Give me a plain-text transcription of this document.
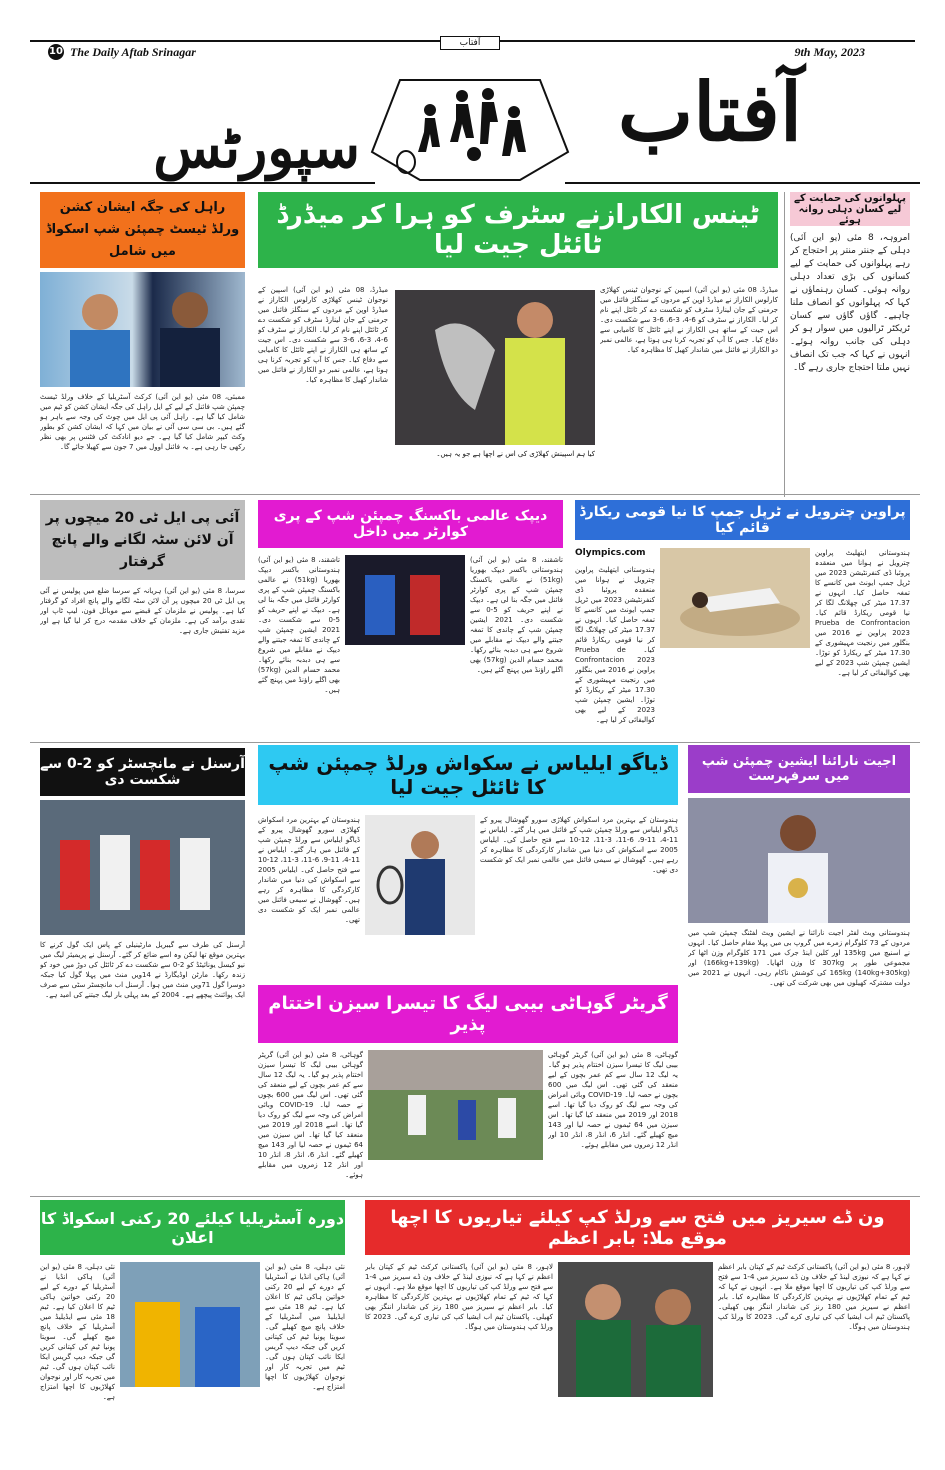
10 The Daily Aftab Srinagar	9th May, 2023
آفتاب
آفتاب
سپورٹس
راہل کی جگہ ایشان کشن ورلڈ ٹیسٹ چمپئن شپ اسکواڈ میں شامل
ممبئی، 08 مئی (یو این آئی) کرکٹ آسٹریلیا کے خلاف ورلڈ ٹیسٹ چمپئن شپ فائنل کے لیے کے ایل راہل کی جگہ ایشان کشن کو ٹیم میں شامل کیا گیا ہے۔ راہل آئی پی ایل میں چوٹ کی وجہ سے باہر ہو گئے ہیں۔ بی سی سی آئی نے بیان میں کہا کہ ایشان کشن کو بطور وکٹ کیپر شامل کیا گیا ہے۔ جے دیو انادکٹ کی فٹنس پر بھی نظر رکھی جا رہی ہے۔ یہ فائنل اوول میں 7 جون سے کھیلا جائے گا۔
ٹینس الکارازنے سٹرف کو ہرا کر میڈرڈ ٹائٹل جیت لیا
میڈرڈ، 08 مئی (یو این آئی) اسپین کے نوجوان ٹینس کھلاڑی کارلوس الکاراز نے میڈرڈ اوپن کے مردوں کے سنگلز فائنل میں جرمنی کے جان لینارڈ سٹرف کو شکست دے کر ٹائٹل اپنے نام کر لیا۔ الکاراز نے سٹرف کو 6-4، 3-6، 6-3 سے شکست دی۔ اس جیت کے ساتھ ہی الکاراز نے اپنے ٹائٹل کا کامیابی سے دفاع کیا۔ جس کا آپ کو تجربہ کرنا ہی ہوتا ہے، عالمی نمبر دو الکاراز نے فائنل میں شاندار کھیل کا مظاہرہ کیا۔
کیا ہم اسپینش کھلاڑی کی اس نے اچھا ہے جو یہ ہیں۔
میڈرڈ، 08 مئی (یو این آئی) اسپین کے نوجوان ٹینس کھلاڑی کارلوس الکاراز نے میڈرڈ اوپن کے مردوں کے سنگلز فائنل میں جرمنی کے جان لینارڈ سٹرف کو شکست دے کر ٹائٹل اپنے نام کر لیا۔ الکاراز نے سٹرف کو 6-4، 3-6، 6-3 سے شکست دی۔ اس جیت کے ساتھ ہی الکاراز نے اپنے ٹائٹل کا کامیابی سے دفاع کیا۔ جس کا آپ کو تجربہ کرنا ہی ہوتا ہے، عالمی نمبر دو الکاراز نے فائنل میں شاندار کھیل کا مظاہرہ کیا۔
پہلوانوں کی حمایت کے لیے کسان دہلی روانہ ہوئے
امروہہ، 8 مئی (یو این آئی) دہلی کے جنتر منتر پر احتجاج کر رہے پہلوانوں کی حمایت کے لیے کسانوں کی بڑی تعداد دہلی روانہ ہوئی۔ کسان رہنماؤں نے کہا کہ پہلوانوں کو انصاف ملنا چاہیے۔ گاؤں گاؤں سے کسان ٹریکٹر ٹرالیوں میں سوار ہو کر دہلی کی جانب روانہ ہوئے۔ انہوں نے کہا کہ جب تک انصاف نہیں ملتا احتجاج جاری رہے گا۔
آئی پی ایل ٹی 20 میچوں پر آن لائن سٹہ لگانے والے پانچ گرفتار
سرسا، 8 مئی (یو این آئی) ہریانہ کے سرسا ضلع میں پولیس نے آئی پی ایل ٹی 20 میچوں پر آن لائن سٹہ لگانے والے پانچ افراد کو گرفتار کیا ہے۔ پولیس نے ملزمان کے قبضے سے موبائل فون، لیپ ٹاپ اور نقدی برآمد کی ہے۔ ملزمان کے خلاف مقدمہ درج کر لیا گیا ہے اور مزید تفتیش جاری ہے۔
دیپک عالمی باکسنگ چمپئن شپ کے پری کوارٹر میں داخل
تاشقند، 8 مئی (یو این آئی) ہندوستانی باکسر دیپک بھوریا (51kg) نے عالمی باکسنگ چمپئن شپ کے پری کوارٹر فائنل میں جگہ بنا لی ہے۔ دیپک نے اپنے حریف کو 5-0 سے شکست دی۔ 2021 ایشین چمپئن شپ کے چاندی کا تمغہ جیتنے والے دیپک نے مقابلے میں شروع سے ہی دبدبہ بنائے رکھا۔ محمد حسام الدین (57kg) بھی اگلے راؤنڈ میں پہنچ گئے ہیں۔
تاشقند، 8 مئی (یو این آئی) ہندوستانی باکسر دیپک بھوریا (51kg) نے عالمی باکسنگ چمپئن شپ کے پری کوارٹر فائنل میں جگہ بنا لی ہے۔ دیپک نے اپنے حریف کو 5-0 سے شکست دی۔ 2021 ایشین چمپئن شپ کے چاندی کا تمغہ جیتنے والے دیپک نے مقابلے میں شروع سے ہی دبدبہ بنائے رکھا۔ محمد حسام الدین (57kg) بھی اگلے راؤنڈ میں پہنچ گئے ہیں۔
پراوین چترویل نے ٹرپل جمپ کا نیا قومی ریکارڈ قائم کیا
Olympics.com
ہندوستانی ایتھلیٹ پراوین چترویل نے ہوانا میں منعقدہ پروئبا ڈی کنفرنٹیشن 2023 میں ٹرپل جمپ ایونٹ میں کانسے کا تمغہ حاصل کیا۔ انہوں نے 17.37 میٹر کی چھلانگ لگا کر نیا قومی ریکارڈ قائم کیا۔ Prueba de Confrontacion 2023 پراوین نے 2016 میں بنگلور میں رنجیت مہیشوری کے 17.30 میٹر کے ریکارڈ کو توڑا۔ ایشین چمپئن شپ 2023 کے لیے بھی کوالیفائی کر لیا ہے۔
ہندوستانی ایتھلیٹ پراوین چترویل نے ہوانا میں منعقدہ پروئبا ڈی کنفرنٹیشن 2023 میں ٹرپل جمپ ایونٹ میں کانسے کا تمغہ حاصل کیا۔ انہوں نے 17.37 میٹر کی چھلانگ لگا کر نیا قومی ریکارڈ قائم کیا۔ Prueba de Confrontacion 2023 پراوین نے 2016 میں بنگلور میں رنجیت مہیشوری کے 17.30 میٹر کے ریکارڈ کو توڑا۔ ایشین چمپئن شپ 2023 کے لیے بھی کوالیفائی کر لیا ہے۔
آرسنل نے مانچسٹر کو 2-0 سے شکست دی
آرسنل کی طرف سے گیبریل مارٹینیلی کے پاس ایک گول کرنے کا بہترین موقع تھا لیکن وہ اسے ضائع کر گئے۔ آرسنل نے پریمیئر لیگ میں نیو کیسل یونائیٹڈ کو 2-0 سے شکست دے کر ٹائٹل کی دوڑ میں خود کو زندہ رکھا۔ مارٹن اوڈیگارڈ نے 14ویں منٹ میں پہلا گول کیا جبکہ دوسرا گول 71ویں منٹ میں ہوا۔ آرسنل اب مانچسٹر سٹی سے صرف ایک پوائنٹ پیچھے ہے۔ 2004 کے بعد پہلی بار لیگ جیتنے کی امید ہے۔
ڈیاگو ایلیاس نے سکواش ورلڈ چمپئن شپ کا ٹائٹل جیت لیا
ہندوستان کے بہترین مرد اسکواش کھلاڑی سورو گھوشال پیرو کے ڈیاگو ایلیاس سے ورلڈ چمپئن شپ کے فائنل میں ہار گئے۔ ایلیاس نے 11-4، 11-9، 6-11، 3-11، 12-10 سے فتح حاصل کی۔ ایلیاس 2005 سے اسکواش کی دنیا میں شاندار کارکردگی کا مظاہرہ کر رہے ہیں۔ گھوشال نے سیمی فائنل میں عالمی نمبر ایک کو شکست دی تھی۔
ہندوستان کے بہترین مرد اسکواش کھلاڑی سورو گھوشال پیرو کے ڈیاگو ایلیاس سے ورلڈ چمپئن شپ کے فائنل میں ہار گئے۔ ایلیاس نے 11-4، 11-9، 6-11، 3-11، 12-10 سے فتح حاصل کی۔ ایلیاس 2005 سے اسکواش کی دنیا میں شاندار کارکردگی کا مظاہرہ کر رہے ہیں۔ گھوشال نے سیمی فائنل میں عالمی نمبر ایک کو شکست دی تھی۔
اجیت نارائنا ایشین چمپئن شپ میں سرفہرست
ہندوستانی ویٹ لفٹر اجیت نارائنا نے ایشین ویٹ لفٹنگ چمپئن شپ میں مردوں کے 73 کلوگرام زمرے میں گروپ بی میں پہلا مقام حاصل کیا۔ انہوں نے اسنیچ میں 135kg اور کلین اینڈ جرک میں 171 کلوگرام وزن اٹھا کر مجموعی طور پر 307kg کا وزن اٹھایا۔ (166kg+139kg) اور (140kg+305kg) 165kg کی کوشش ناکام رہی۔ انہوں نے 2021 میں دولت مشترکہ کھیلوں میں بھی شرکت کی تھی۔
گریٹر گوہاٹی بیبی لیگ کا تیسرا سیزن اختتام پذیر
گوہاٹی، 8 مئی (یو این آئی) گریٹر گوہاٹی بیبی لیگ کا تیسرا سیزن اختتام پذیر ہو گیا۔ یہ لیگ 12 سال سے کم عمر بچوں کے لیے منعقد کی گئی تھی۔ اس لیگ میں 600 بچوں نے حصہ لیا۔ COVID-19 وبائی امراض کی وجہ سے لیگ کو روک دیا گیا تھا۔ اسے 2018 اور 2019 میں منعقد کیا گیا تھا۔ اس سیزن میں 64 ٹیموں نے حصہ لیا اور 143 میچ کھیلے گئے۔ انڈر 6، انڈر 8، انڈر 10 اور انڈر 12 زمروں میں مقابلے ہوئے۔
گوہاٹی، 8 مئی (یو این آئی) گریٹر گوہاٹی بیبی لیگ کا تیسرا سیزن اختتام پذیر ہو گیا۔ یہ لیگ 12 سال سے کم عمر بچوں کے لیے منعقد کی گئی تھی۔ اس لیگ میں 600 بچوں نے حصہ لیا۔ COVID-19 وبائی امراض کی وجہ سے لیگ کو روک دیا گیا تھا۔ اسے 2018 اور 2019 میں منعقد کیا گیا تھا۔ اس سیزن میں 64 ٹیموں نے حصہ لیا اور 143 میچ کھیلے گئے۔ انڈر 6، انڈر 8، انڈر 10 اور انڈر 12 زمروں میں مقابلے ہوئے۔
دورہ آسٹریلیا کیلئے 20 رکنی اسکواڈ کا اعلان
نئی دہلی، 8 مئی (یو این آئی) ہاکی انڈیا نے آسٹریلیا کے دورے کے لیے 20 رکنی خواتین ہاکی ٹیم کا اعلان کیا ہے۔ ٹیم 18 مئی سے ایڈیلیڈ میں آسٹریلیا کے خلاف پانچ میچ کھیلے گی۔ سویتا پونیا ٹیم کی کپتانی کریں گی جبکہ دیپ گریس ایکا نائب کپتان ہوں گی۔ ٹیم میں تجربہ کار اور نوجوان کھلاڑیوں کا اچھا امتزاج ہے۔
نئی دہلی، 8 مئی (یو این آئی) ہاکی انڈیا نے آسٹریلیا کے دورے کے لیے 20 رکنی خواتین ہاکی ٹیم کا اعلان کیا ہے۔ ٹیم 18 مئی سے ایڈیلیڈ میں آسٹریلیا کے خلاف پانچ میچ کھیلے گی۔ سویتا پونیا ٹیم کی کپتانی کریں گی جبکہ دیپ گریس ایکا نائب کپتان ہوں گی۔ ٹیم میں تجربہ کار اور نوجوان کھلاڑیوں کا اچھا امتزاج ہے۔
ون ڈے سیریز میں فتح سے ورلڈ کپ کیلئے تیاریوں کا اچھا موقع ملا: بابر اعظم
لاہور، 8 مئی (یو این آئی) پاکستانی کرکٹ ٹیم کے کپتان بابر اعظم نے کہا ہے کہ نیوزی لینڈ کے خلاف ون ڈے سیریز میں 4-1 سے فتح سے ورلڈ کپ کی تیاریوں کا اچھا موقع ملا ہے۔ انہوں نے کہا کہ ٹیم کے تمام کھلاڑیوں نے بہترین کارکردگی کا مظاہرہ کیا۔ بابر اعظم نے سیریز میں 180 رنز کی شاندار اننگز بھی کھیلی۔ پاکستان ٹیم اب ایشیا کپ کی تیاری کرے گی۔ 2023 کا ورلڈ کپ ہندوستان میں ہوگا۔
لاہور، 8 مئی (یو این آئی) پاکستانی کرکٹ ٹیم کے کپتان بابر اعظم نے کہا ہے کہ نیوزی لینڈ کے خلاف ون ڈے سیریز میں 4-1 سے فتح سے ورلڈ کپ کی تیاریوں کا اچھا موقع ملا ہے۔ انہوں نے کہا کہ ٹیم کے تمام کھلاڑیوں نے بہترین کارکردگی کا مظاہرہ کیا۔ بابر اعظم نے سیریز میں 180 رنز کی شاندار اننگز بھی کھیلی۔ پاکستان ٹیم اب ایشیا کپ کی تیاری کرے گی۔ 2023 کا ورلڈ کپ ہندوستان میں ہوگا۔
